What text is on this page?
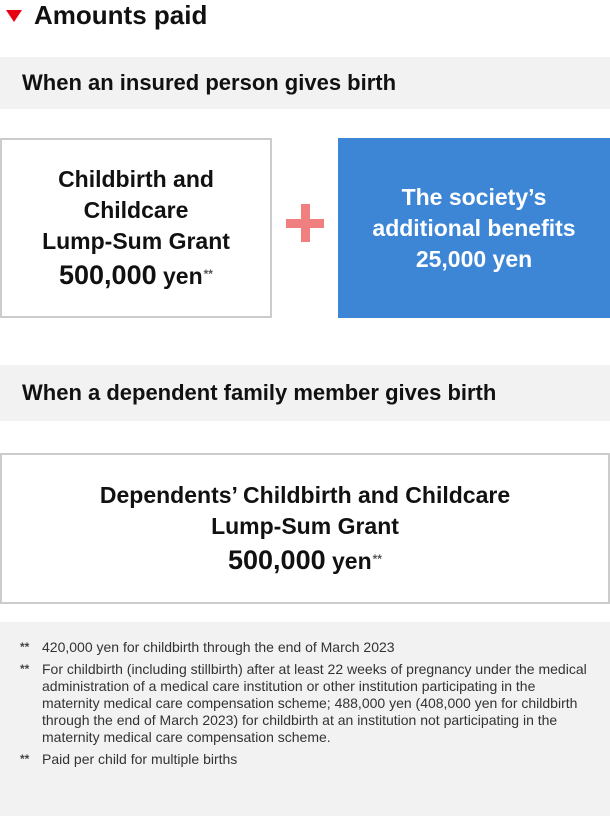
Amounts paid
When an insured person gives birth
Childbirth and
Childcare
Lump-Sum Grant
500,000 yen**
The society’s
additional benefits
25,000 yen
When a dependent family member gives birth
Dependents’ Childbirth and Childcare
Lump-Sum Grant
500,000 yen**
** 420,000 yen for childbirth through the end of March 2023
** For childbirth (including stillbirth) after at least 22 weeks of pregnancy under the medical administration of a medical care institution or other institution participating in the maternity medical care compensation scheme; 488,000 yen (408,000 yen for childbirth through the end of March 2023) for childbirth at an institution not participating in the maternity medical care compensation scheme.
** Paid per child for multiple births
